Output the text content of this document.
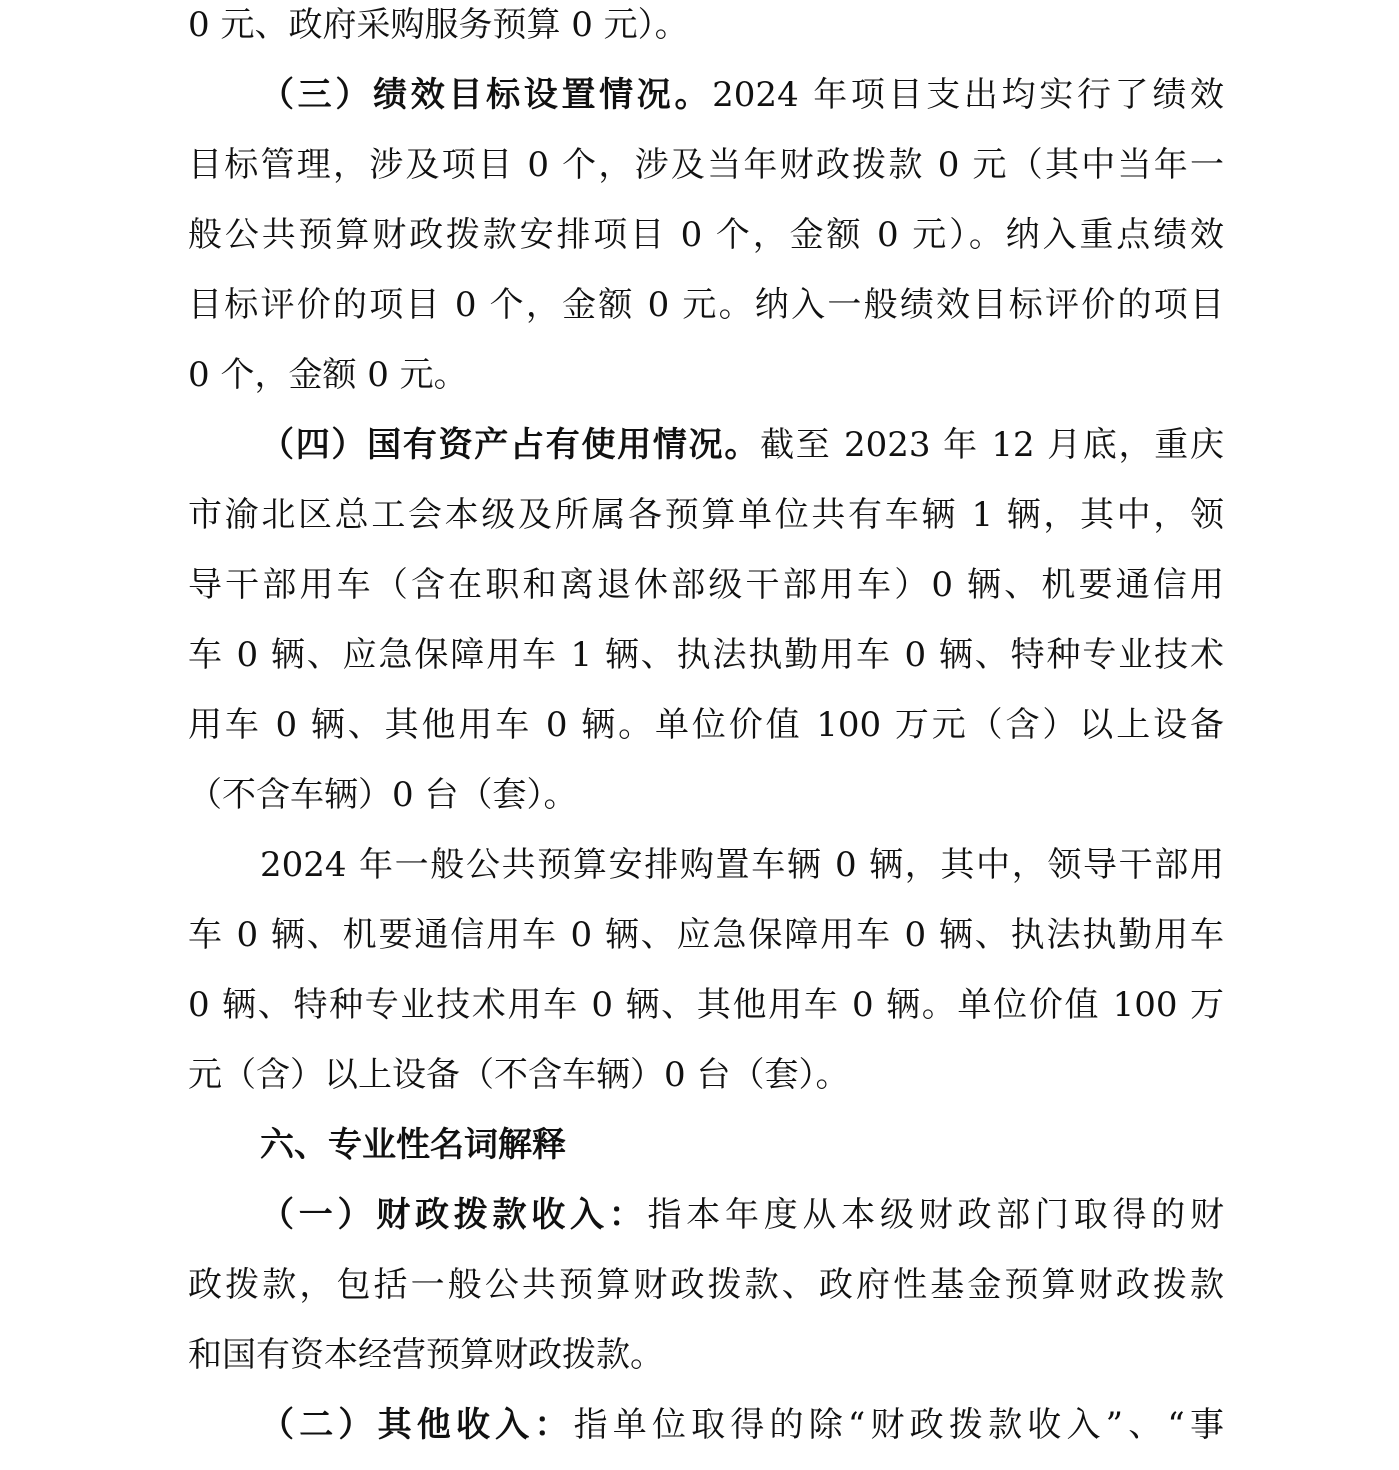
0 元、政府采购服务预算 0 元）。
（三）绩效目标设置情况。2024 年项目支出均实行了绩效
目标管理，涉及项目 0 个，涉及当年财政拨款 0 元（其中当年一
般公共预算财政拨款安排项目 0 个，金额 0 元）。纳入重点绩效
目标评价的项目 0 个，金额 0 元。纳入一般绩效目标评价的项目
0 个，金额 0 元。
（四）国有资产占有使用情况。截至 2023 年 12 月底，重庆
市渝北区总工会本级及所属各预算单位共有车辆 1 辆，其中，领
导干部用车（含在职和离退休部级干部用车）0 辆、机要通信用
车 0 辆、应急保障用车 1 辆、执法执勤用车 0 辆、特种专业技术
用车 0 辆、其他用车 0 辆。单位价值 100 万元（含）以上设备
（不含车辆）0 台（套）。
2024 年一般公共预算安排购置车辆 0 辆，其中，领导干部用
车 0 辆、机要通信用车 0 辆、应急保障用车 0 辆、执法执勤用车
0 辆、特种专业技术用车 0 辆、其他用车 0 辆。单位价值 100 万
元（含）以上设备（不含车辆）0 台（套）。
六、专业性名词解释
（一）财政拨款收入：指本年度从本级财政部门取得的财
政拨款，包括一般公共预算财政拨款、政府性基金预算财政拨款
和国有资本经营预算财政拨款。
（二）其他收入：指单位取得的除“财政拨款收入”、“事
